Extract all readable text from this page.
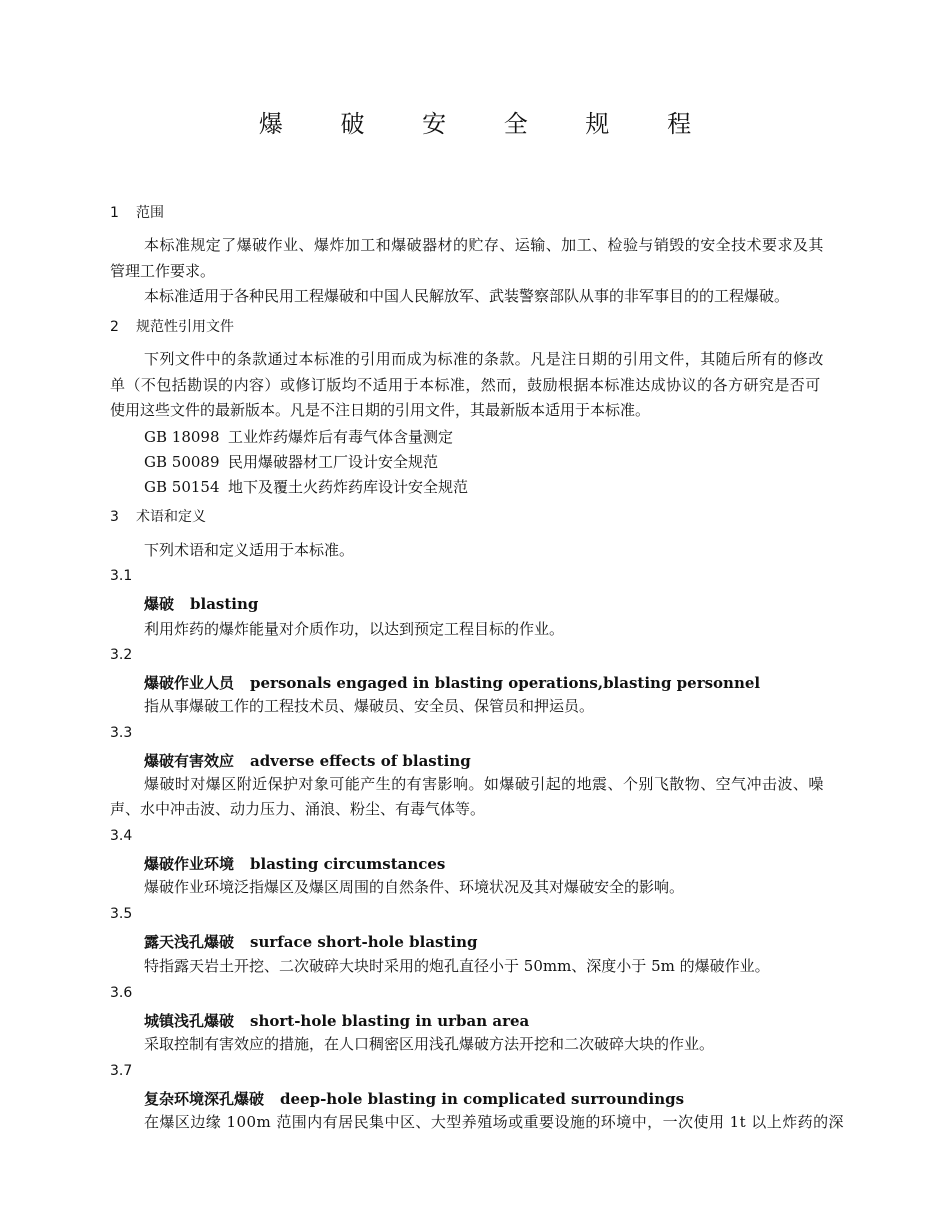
爆 破 安 全 规 程
1 范围
本标准规定了爆破作业、爆炸加工和爆破器材的贮存、运输、加工、检验与销毁的安全技术要求及其
管理工作要求。
本标准适用于各种民用工程爆破和中国人民解放军、武装警察部队从事的非军事目的的工程爆破。
2 规范性引用文件
下列文件中的条款通过本标准的引用而成为标准的条款。凡是注日期的引用文件，其随后所有的修改
单（不包括勘误的内容）或修订版均不适用于本标准，然而，鼓励根据本标准达成协议的各方研究是否可
使用这些文件的最新版本。凡是不注日期的引用文件，其最新版本适用于本标准。
GB 18098 工业炸药爆炸后有毒气体含量测定
GB 50089 民用爆破器材工厂设计安全规范
GB 50154 地下及覆土火药炸药库设计安全规范
3 术语和定义
下列术语和定义适用于本标准。
3.1
爆破 blasting
利用炸药的爆炸能量对介质作功，以达到预定工程目标的作业。
3.2
爆破作业人员 personals engaged in blasting operations,blasting personnel
指从事爆破工作的工程技术员、爆破员、安全员、保管员和押运员。
3.3
爆破有害效应 adverse effects of blasting
爆破时对爆区附近保护对象可能产生的有害影响。如爆破引起的地震、个别飞散物、空气冲击波、噪
声、水中冲击波、动力压力、涌浪、粉尘、有毒气体等。
3.4
爆破作业环境 blasting circumstances
爆破作业环境泛指爆区及爆区周围的自然条件、环境状况及其对爆破安全的影响。
3.5
露天浅孔爆破 surface short-hole blasting
特指露天岩土开挖、二次破碎大块时采用的炮孔直径小于 50mm、深度小于 5m 的爆破作业。
3.6
城镇浅孔爆破 short-hole blasting in urban area
采取控制有害效应的措施，在人口稠密区用浅孔爆破方法开挖和二次破碎大块的作业。
3.7
复杂环境深孔爆破 deep-hole blasting in complicated surroundings
在爆区边缘 100m 范围内有居民集中区、大型养殖场或重要设施的环境中，一次使用 1t 以上炸药的深
